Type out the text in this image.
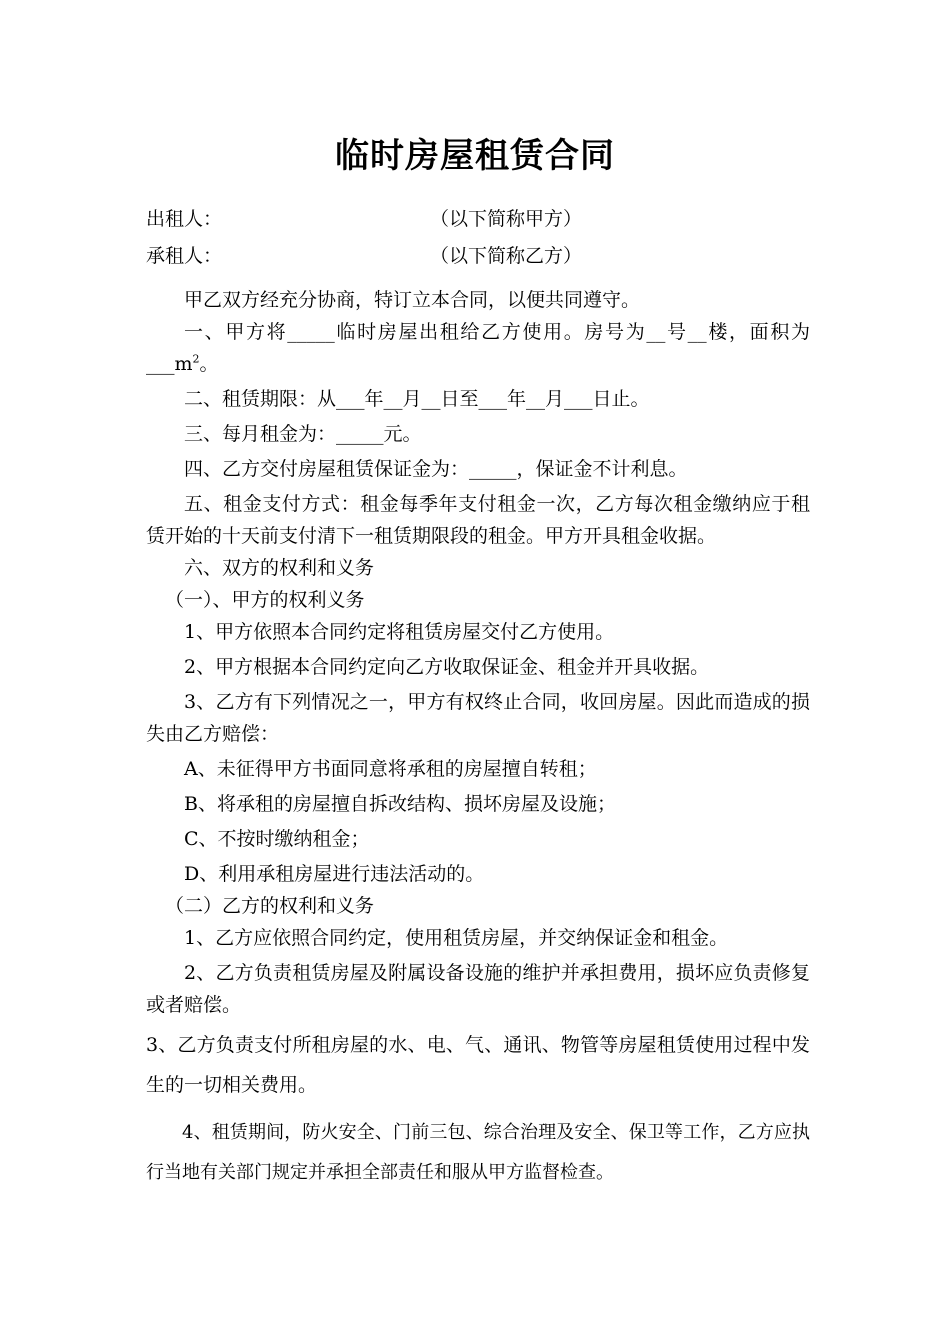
临时房屋租赁合同
出租人：	（以下简称甲方）
承租人：	（以下简称乙方）

甲乙双方经充分协商，特订立本合同，以便共同遵守。

一、甲方将_____临时房屋出租给乙方使用。房号为__号__楼，面积为$\_\_\_m^2$。

二、租赁期限：从___年__月__日至___年__月___日止。

三、每月租金为：_____元。

四、乙方交付房屋租赁保证金为：_____，保证金不计利息。

五、租金支付方式：租金每季年支付租金一次，乙方每次租金缴纳应于租赁开始的十天前支付清下一租赁期限段的租金。甲方开具租金收据。

六、双方的权利和义务

（一）、甲方的权利义务

1、甲方依照本合同约定将租赁房屋交付乙方使用。

2、甲方根据本合同约定向乙方收取保证金、租金并开具收据。

3、乙方有下列情况之一，甲方有权终止合同，收回房屋。因此而造成的损失由乙方赔偿：

A、未征得甲方书面同意将承租的房屋擅自转租；

B、将承租的房屋擅自拆改结构、损坏房屋及设施；

C、不按时缴纳租金；

D、利用承租房屋进行违法活动的。

（二）乙方的权利和义务

1、乙方应依照合同约定，使用租赁房屋，并交纳保证金和租金。

2、乙方负责租赁房屋及附属设备设施的维护并承担费用，损坏应负责修复或者赔偿。

3、乙方负责支付所租房屋的水、电、气、通讯、物管等房屋租赁使用过程中发生的一切相关费用。

4、租赁期间，防火安全、门前三包、综合治理及安全、保卫等工作，乙方应执行当地有关部门规定并承担全部责任和服从甲方监督检查。
